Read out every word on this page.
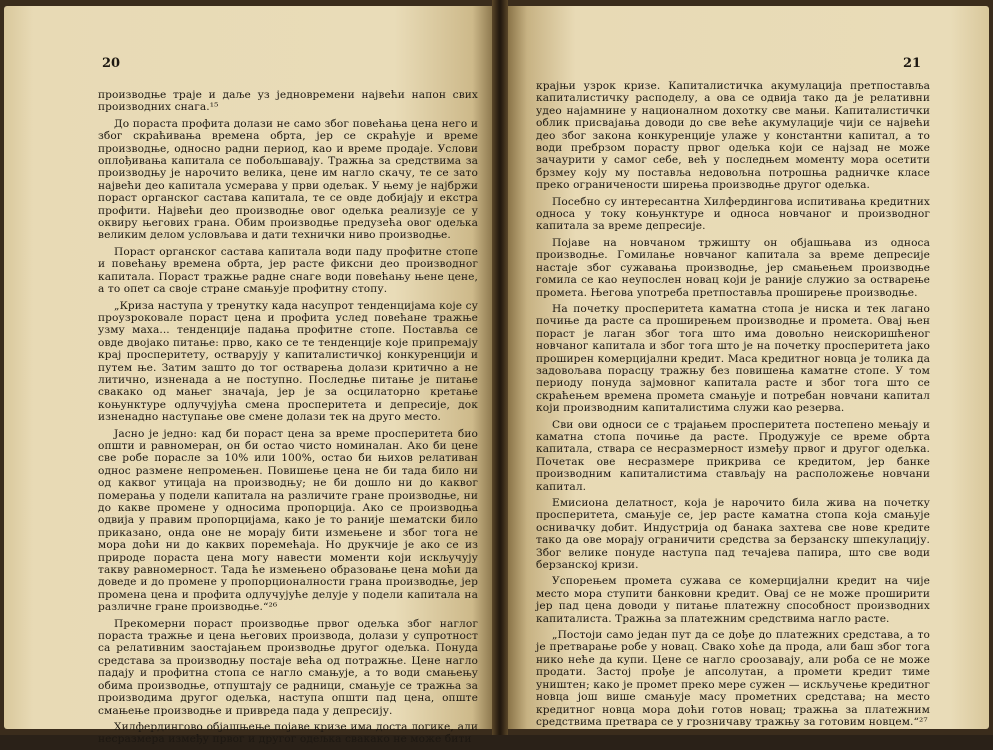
20

производње траје и даље уз једновремени највећи напон свих производних снага.¹⁵

До пораста профита долази не само због повећања цена него и због скраћивања времена обрта, јер се скраћује и време производње, односно радни период, као и време продаје. Услови оплођивања капитала се побољшавају. Тражња за средствима за производњу је нарочито велика, цене им нагло скачу, те се зато највећи део капитала усмерава у први одељак. У њему је најбржи пораст органског састава капитала, те се овде добијају и екстра профити. Највећи део производње овог одељка реализује се у оквиру његових грана. Обим производње предузећа овог одељка великим делом условљава и дати технички ниво производње.

Пораст органског састава капитала води паду профитне стопе и повећању времена обрта, јер расте фиксни део производног капитала. Пораст тражње радне снаге води повећању њене цене, а то опет са своје стране смањује профитну стопу.

„Криза наступа у тренутку када насупрот тенденцијама које су проузроковале пораст цена и профита услед повећане тражње узму маха... тенденције падања профитне стопе. Постављa се овде двојако питање: прво, како се те тенденције које припремају крај просперитету, остварују у капиталистичкој конкуренцији и путем ње. Затим зашто до тог остварења долази критично а не литично, изненада а не поступно. Последње питање је питање свакако од мањег значаја, јер је за осцилаторно кретање коњунктуре одлучујућа смена просперитета и депресије, док изненадно наступање ове смене долази тек на друго место.

Јасно је једно: кад би пораст цена за време просперитета био општи и равномеран, он би остао чисто номиналан. Ако би цене све робе порасле за 10% или 100%, остао би њихов релативан однос размене непромењен. Повишење цена не би тада било ни од каквог утицаја на производњу; не би дошло ни до каквог померања у подели капитала на различите гране производње, ни до какве промене у односима пропорција. Ако се производња одвија у правим пропорцијама, како је то раније шематски било приказано, онда оне не морају бити измењене и због тога не мора доћи ни до каквих поремећаја. Но друкчије је ако се из природе пораста цена могу навести моменти који искључују такву равномерност. Тада ће измењено образовање цена моћи да доведе и до промене у пропорционалности грана производње, јер промена цена и профита одлучујуће делује у подели капитала на различне гране производње.“²⁶

Прекомерни пораст производње првог одељка због наглог пораста тражње и цена његових производа, долази у супротност са релативним заостајањем производње другог одељка. Понуда средстава за производњу постаје већа од потражње. Цене нагло падају и профитна стопа се нагло смањује, а то води смањењу обима производње, отпуштају се радници, смањује се тражња за производима другог одељка, наступа општи пад цена, опште смањење производње и привреда пада у депресију.

Хилфердингово објашњење појаве кризе има доста логике, али несразмера између првог и другог одељка свакако не може бити

21

крајњи узрок кризе. Капиталистичка акумулација претпоставља капиталистичку расподелу, а ова се одвија тако да је релативни удео најамнине у националном дохотку све мањи. Капиталистички облик присвајања доводи до све веће акумулације чији се највећи део због закона конкуренције улаже у константни капитал, а то води пребрзом порасту првог одељка који се најзад не може зачаурити у самог себе, већ у последњем моменту мора осетити брзмеу коју му поставља недовољна потрошња радничке класе преко ограничености ширења производње другог одељка.

Посебно су интересантна Хилфердингова испитивања кредитних односа у току коњунктуре и односа новчаног и производног капитала за време депресије.

Појаве на новчаном тржишту он објашњава из односа производње. Гомилање новчаног капитала за време депресије настаје због сужавања производње, јер смањењем производње гомила се као неупослен новац који је раније служио за остварење промета. Његова употреба претпоставља проширење производње.

На почетку просперитета каматна стопа је ниска и тек лагано почиње да расте са проширењем производње и промета. Овај њен пораст је лаган због тога што има довољно неискоришћеног новчаног капитала и због тога што је на почетку просперитета јако проширен комерцијални кредит. Маса кредитног новца је толика да задовољава порасцу тражњу без повишења каматне стопе. У том периоду понуда зајмовног капитала расте и због тога што се скраћењем времена промета смањује и потребан новчани капитал који производним капиталистима служи као резерва.

Сви ови односи се с трајањем просперитета постепено мењају и каматна стопа почиње да расте. Продужује се време обрта капитала, ствара се несразмерност између првог и другог одељка. Почетак ове несразмере прикрива се кредитом, јер банке производним капиталистима стављају на расположење новчани капитал.

Емисиона делатност, која је нарочито била жива на почетку просперитета, смањује се, јер расте каматна стопа која смањује оснивачку добит. Индустрија од банака захтева све нове кредите тако да ове морају ограничити средства за берзанску шпекулацију. Због велике понуде наступа пад течајева папира, што све води берзанској кризи.

Успорењем промета сужава се комерцијални кредит на чије место мора ступити банковни кредит. Овај се не може проширити јер пад цена доводи у питање платежну способност производних капиталиста. Тражња за платежним средствима нагло расте.

„Постоји само један пут да се дође до платежних средстава, а то је претварање робе у новац. Свако хоће да прода, али баш због тога нико неће да купи. Цене се нагло сроозавају, али роба се не може продати. Застој прође је апсолутан, а промети кредит тиме уништен; како је промет преко мере сужен — искључење кредитног новца још више смањује масу прометних средстава; на место кредитног новца мора доћи готов новац; тражња за платежним средствима претвара се у грозничаву тражњу за готовим новцем.“²⁷
